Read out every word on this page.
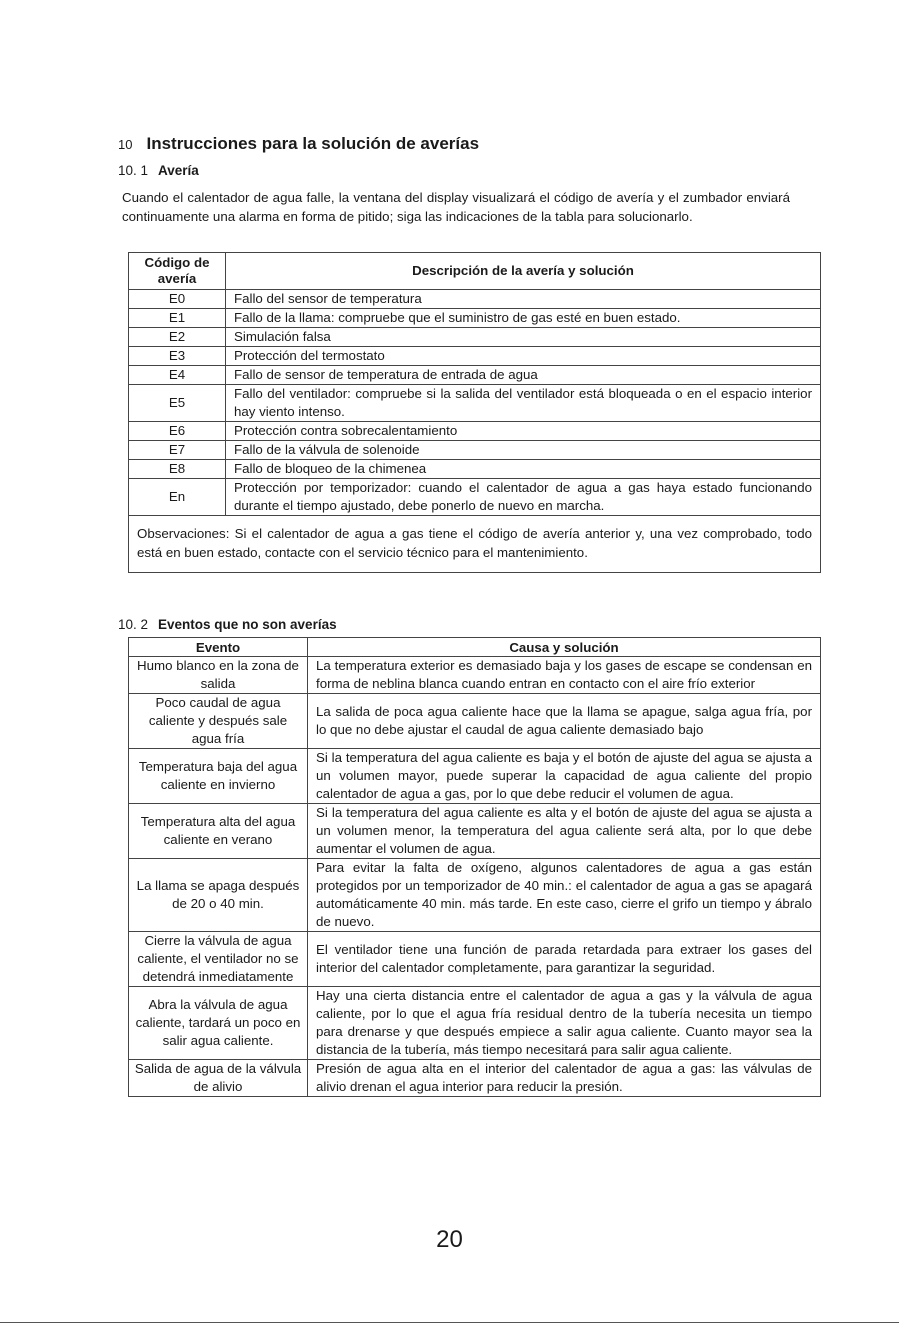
10 Instrucciones para la solución de averías
10. 1 Avería
Cuando el calentador de agua falle, la ventana del display visualizará el código de avería y el zumbador enviará continuamente una alarma en forma de pitido; siga las indicaciones de la tabla para solucionarlo.
Código de
avería	Descripción de la avería y solución
E0	Fallo del sensor de temperatura
E1	Fallo de la llama: compruebe que el suministro de gas esté en buen estado.
E2	Simulación falsa
E3	Protección del termostato
E4	Fallo de sensor de temperatura de entrada de agua
E5	Fallo del ventilador: compruebe si la salida del ventilador está bloqueada o en el espacio interior hay viento intenso.
E6	Protección contra sobrecalentamiento
E7	Fallo de la válvula de solenoide
E8	Fallo de bloqueo de la chimenea
En	Protección por temporizador: cuando el calentador de agua a gas haya estado funcionando durante el tiempo ajustado, debe ponerlo de nuevo en marcha.
Observaciones: Si el calentador de agua a gas tiene el código de avería anterior y, una vez comprobado, todo está en buen estado, contacte con el servicio técnico para el mantenimiento.	
10. 2 Eventos que no son averías
Evento	Causa y solución
Humo blanco en la zona de salida	La temperatura exterior es demasiado baja y los gases de escape se condensan en forma de neblina blanca cuando entran en contacto con el aire frío exterior
Poco caudal de agua caliente y después sale agua fría	La salida de poca agua caliente hace que la llama se apague, salga agua fría, por lo que no debe ajustar el caudal de agua caliente demasiado bajo
Temperatura baja del agua caliente en invierno	Si la temperatura del agua caliente es baja y el botón de ajuste del agua se ajusta a un volumen mayor, puede superar la capacidad de agua caliente del propio calentador de agua a gas, por lo que debe reducir el volumen de agua.
Temperatura alta del agua caliente en verano	Si la temperatura del agua caliente es alta y el botón de ajuste del agua se ajusta a un volumen menor, la temperatura del agua caliente será alta, por lo que debe aumentar el volumen de agua.
La llama se apaga después de 20 o 40 min.	Para evitar la falta de oxígeno, algunos calentadores de agua a gas están protegidos por un temporizador de 40 min.: el calentador de agua a gas se apagará automáticamente 40 min. más tarde. En este caso, cierre el grifo un tiempo y ábralo de nuevo.
Cierre la válvula de agua caliente, el ventilador no se detendrá inmediatamente	El ventilador tiene una función de parada retardada para extraer los gases del interior del calentador completamente, para garantizar la seguridad.
Abra la válvula de agua caliente, tardará un poco en salir agua caliente.	Hay una cierta distancia entre el calentador de agua a gas y la válvula de agua caliente, por lo que el agua fría residual dentro de la tubería necesita un tiempo para drenarse y que después empiece a salir agua caliente. Cuanto mayor sea la distancia de la tubería, más tiempo necesitará para salir agua caliente.
Salida de agua de la válvula de alivio	Presión de agua alta en el interior del calentador de agua a gas: las válvulas de alivio drenan el agua interior para reducir la presión.
20
